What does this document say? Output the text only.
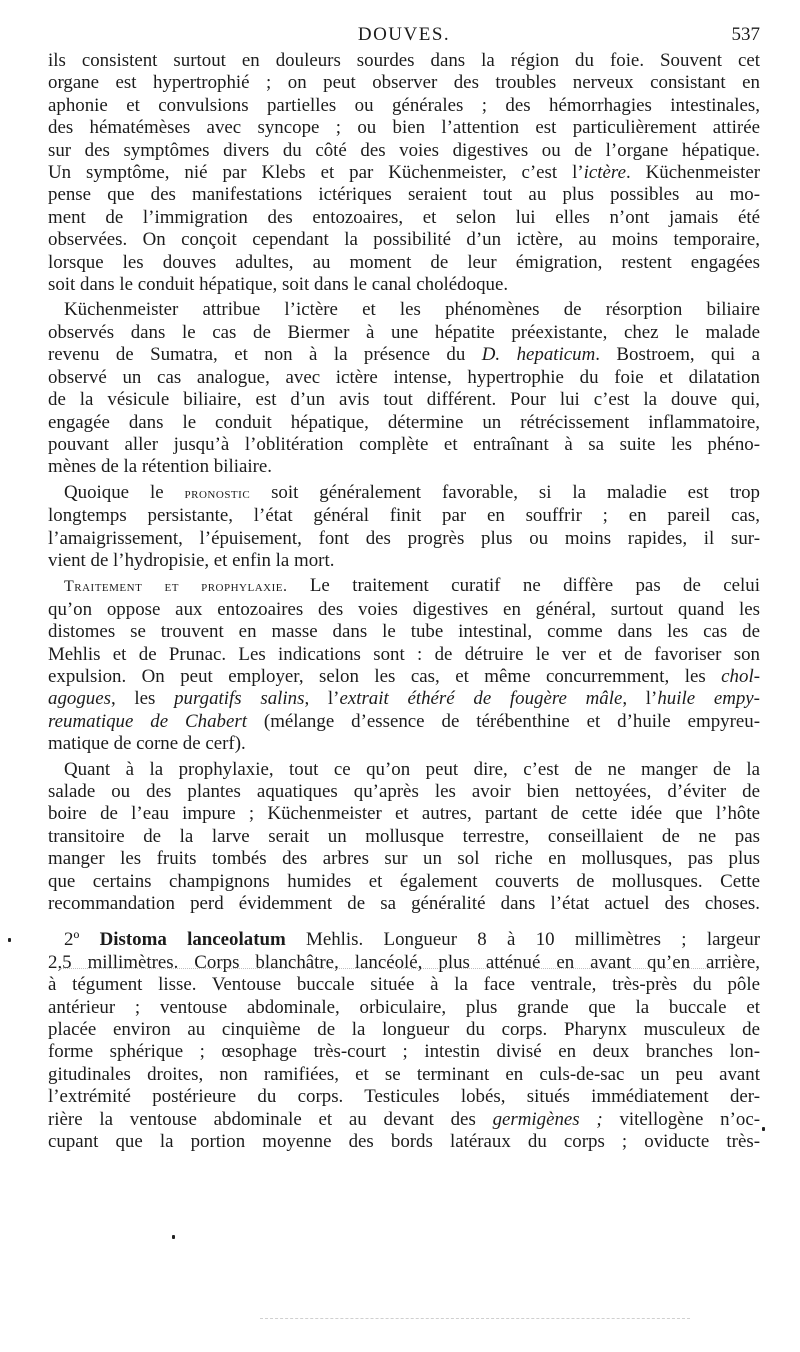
DOUVES.	537
ils consistent surtout en douleurs sourdes dans la région du foie. Souvent cet
organe est hypertrophié ; on peut observer des troubles nerveux consistant en
aphonie et convulsions partielles ou générales ; des hémorrhagies intestinales,
des hématémèses avec syncope ; ou bien l’attention est particulièrement attirée
sur des symptômes divers du côté des voies digestives ou de l’organe hépatique.
Un symptôme, nié par Klebs et par Küchenmeister, c’est l’ictère. Küchenmeister
pense que des manifestations ictériques seraient tout au plus possibles au mo-
ment de l’immigration des entozoaires, et selon lui elles n’ont jamais été
observées. On conçoit cependant la possibilité d’un ictère, au moins temporaire,
lorsque les douves adultes, au moment de leur émigration, restent engagées
soit dans le conduit hépatique, soit dans le canal cholédoque.
Küchenmeister attribue l’ictère et les phénomènes de résorption biliaire
observés dans le cas de Biermer à une hépatite préexistante, chez le malade
revenu de Sumatra, et non à la présence du D. hepaticum. Bostroem, qui a
observé un cas analogue, avec ictère intense, hypertrophie du foie et dilatation
de la vésicule biliaire, est d’un avis tout différent. Pour lui c’est la douve qui,
engagée dans le conduit hépatique, détermine un rétrécissement inflammatoire,
pouvant aller jusqu’à l’oblitération complète et entraînant à sa suite les phéno-
mènes de la rétention biliaire.
Quoique le pronostic soit généralement favorable, si la maladie est trop
longtemps persistante, l’état général finit par en souffrir ; en pareil cas,
l’amaigrissement, l’épuisement, font des progrès plus ou moins rapides, il sur-
vient de l’hydropisie, et enfin la mort.
Traitement et prophylaxie. Le traitement curatif ne diffère pas de celui
qu’on oppose aux entozoaires des voies digestives en général, surtout quand les
distomes se trouvent en masse dans le tube intestinal, comme dans les cas de
Mehlis et de Prunac. Les indications sont : de détruire le ver et de favoriser son
expulsion. On peut employer, selon les cas, et même concurremment, les chol-
agogues, les purgatifs salins, l’extrait éthéré de fougère mâle, l’huile empy-
reumatique de Chabert (mélange d’essence de térébenthine et d’huile empyreu-
matique de corne de cerf).
Quant à la prophylaxie, tout ce qu’on peut dire, c’est de ne manger de la
salade ou des plantes aquatiques qu’après les avoir bien nettoyées, d’éviter de
boire de l’eau impure ; Küchenmeister et autres, partant de cette idée que l’hôte
transitoire de la larve serait un mollusque terrestre, conseillaient de ne pas
manger les fruits tombés des arbres sur un sol riche en mollusques, pas plus
que certains champignons humides et également couverts de mollusques. Cette
recommandation perd évidemment de sa généralité dans l’état actuel des choses.
2º Distoma lanceolatum Mehlis. Longueur 8 à 10 millimètres ; largeur
2,5 millimètres. Corps blanchâtre, lancéolé, plus atténué en avant qu’en arrière,
à tégument lisse. Ventouse buccale située à la face ventrale, très-près du pôle
antérieur ; ventouse abdominale, orbiculaire, plus grande que la buccale et
placée environ au cinquième de la longueur du corps. Pharynx musculeux de
forme sphérique ; œsophage très-court ; intestin divisé en deux branches lon-
gitudinales droites, non ramifiées, et se terminant en culs-de-sac un peu avant
l’extrémité postérieure du corps. Testicules lobés, situés immédiatement der-
rière la ventouse abdominale et au devant des germigènes ; vitellogène n’oc-
cupant que la portion moyenne des bords latéraux du corps ; oviducte très-
